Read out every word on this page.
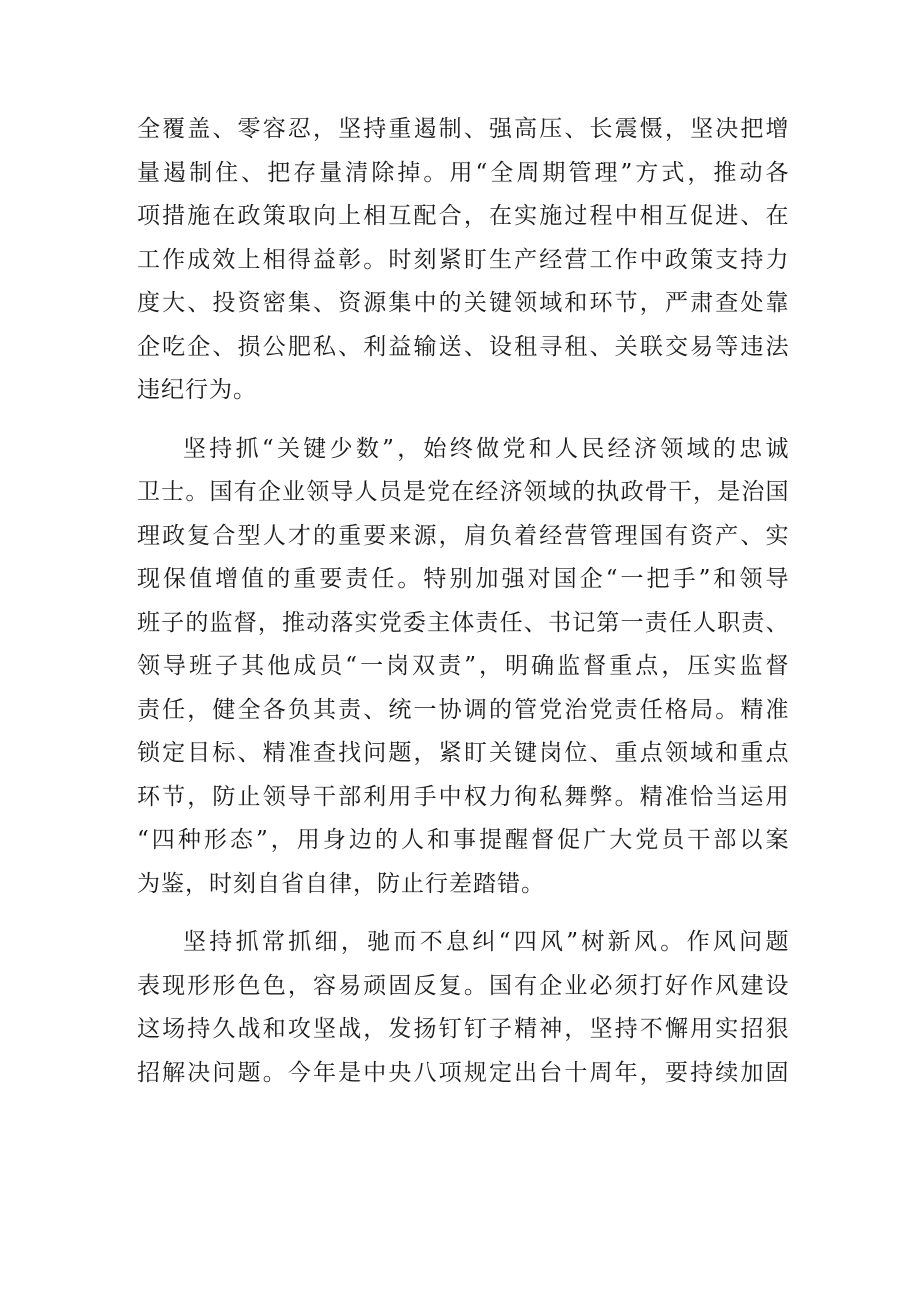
全覆盖、零容忍，坚持重遏制、强高压、长震慑，坚决把增
量遏制住、把存量清除掉。用“全周期管理”方式，推动各
项措施在政策取向上相互配合，在实施过程中相互促进、在
工作成效上相得益彰。时刻紧盯生产经营工作中政策支持力
度大、投资密集、资源集中的关键领域和环节，严肃查处靠
企吃企、损公肥私、利益输送、设租寻租、关联交易等违法
违纪行为。
坚持抓“关键少数”，始终做党和人民经济领域的忠诚
卫士。国有企业领导人员是党在经济领域的执政骨干，是治国
理政复合型人才的重要来源，肩负着经营管理国有资产、实
现保值增值的重要责任。特别加强对国企“一把手”和领导
班子的监督，推动落实党委主体责任、书记第一责任人职责、
领导班子其他成员“一岗双责”，明确监督重点，压实监督
责任，健全各负其责、统一协调的管党治党责任格局。精准
锁定目标、精准查找问题，紧盯关键岗位、重点领域和重点
环节，防止领导干部利用手中权力徇私舞弊。精准恰当运用
“四种形态”，用身边的人和事提醒督促广大党员干部以案
为鉴，时刻自省自律，防止行差踏错。
坚持抓常抓细，驰而不息纠“四风”树新风。作风问题
表现形形色色，容易顽固反复。国有企业必须打好作风建设
这场持久战和攻坚战，发扬钉钉子精神，坚持不懈用实招狠
招解决问题。今年是中央八项规定出台十周年，要持续加固
